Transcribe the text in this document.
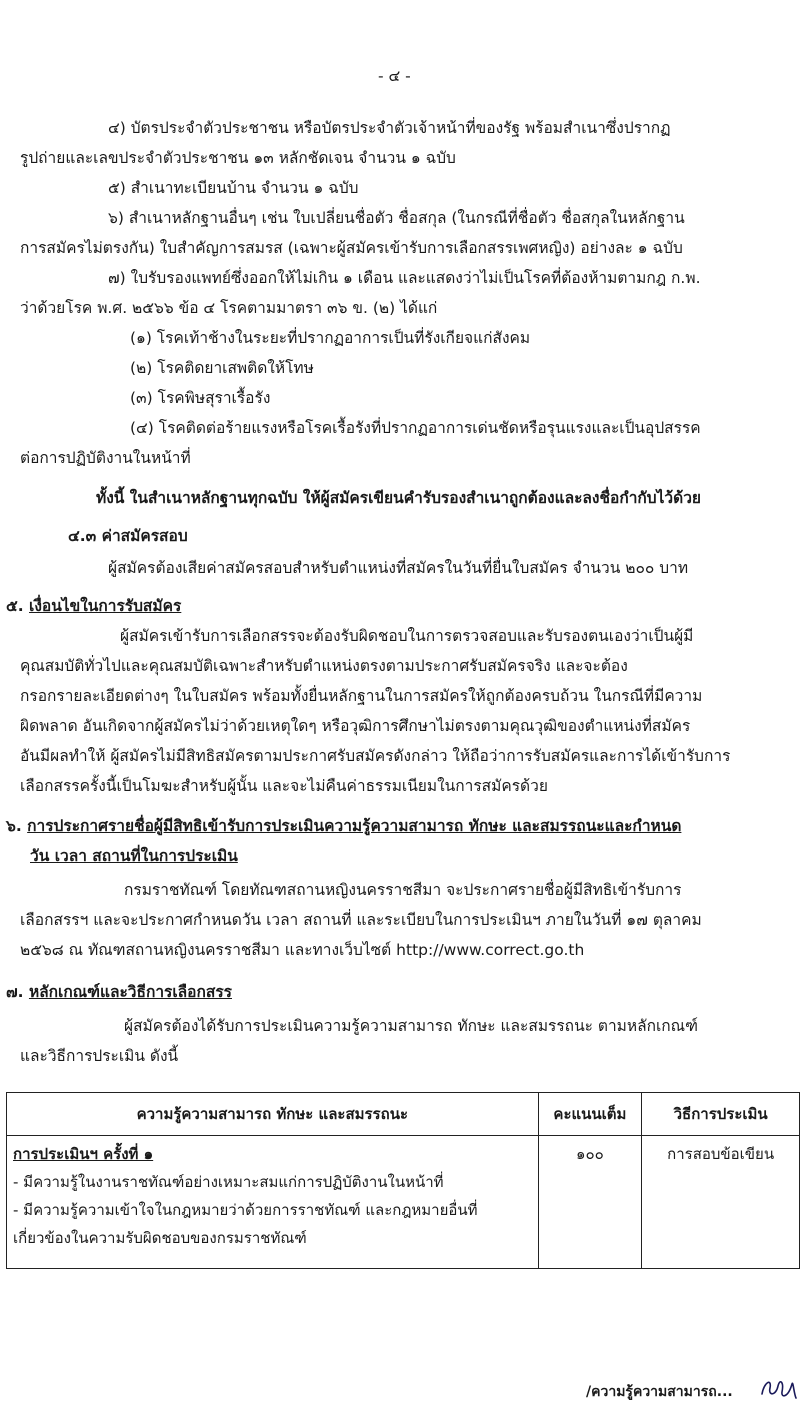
- ๔ -
๔) บัตรประจำตัวประชาชน หรือบัตรประจำตัวเจ้าหน้าที่ของรัฐ พร้อมสำเนาซึ่งปรากฏ
รูปถ่ายและเลขประจำตัวประชาชน ๑๓ หลักชัดเจน จำนวน ๑ ฉบับ
๕) สำเนาทะเบียนบ้าน จำนวน ๑ ฉบับ
๖) สำเนาหลักฐานอื่นๆ เช่น ใบเปลี่ยนชื่อตัว ชื่อสกุล (ในกรณีที่ชื่อตัว ชื่อสกุลในหลักฐาน
การสมัครไม่ตรงกัน) ใบสำคัญการสมรส (เฉพาะผู้สมัครเข้ารับการเลือกสรรเพศหญิง) อย่างละ ๑ ฉบับ
๗) ใบรับรองแพทย์ซึ่งออกให้ไม่เกิน ๑ เดือน และแสดงว่าไม่เป็นโรคที่ต้องห้ามตามกฎ ก.พ.
ว่าด้วยโรค พ.ศ. ๒๕๖๖ ข้อ ๔ โรคตามมาตรา ๓๖ ข. (๒) ได้แก่
(๑) โรคเท้าช้างในระยะที่ปรากฏอาการเป็นที่รังเกียจแก่สังคม
(๒) โรคติดยาเสพติดให้โทษ
(๓) โรคพิษสุราเรื้อรัง
(๔) โรคติดต่อร้ายแรงหรือโรคเรื้อรังที่ปรากฏอาการเด่นชัดหรือรุนแรงและเป็นอุปสรรค
ต่อการปฏิบัติงานในหน้าที่
ทั้งนี้ ในสำเนาหลักฐานทุกฉบับ ให้ผู้สมัครเขียนคำรับรองสำเนาถูกต้องและลงชื่อกำกับไว้ด้วย
๔.๓ ค่าสมัครสอบ
ผู้สมัครต้องเสียค่าสมัครสอบสำหรับตำแหน่งที่สมัครในวันที่ยื่นใบสมัคร จำนวน ๒๐๐ บาท
๕. เงื่อนไขในการรับสมัคร
ผู้สมัครเข้ารับการเลือกสรรจะต้องรับผิดชอบในการตรวจสอบและรับรองตนเองว่าเป็นผู้มี
คุณสมบัติทั่วไปและคุณสมบัติเฉพาะสำหรับตำแหน่งตรงตามประกาศรับสมัครจริง และจะต้อง
กรอกรายละเอียดต่างๆ ในใบสมัคร พร้อมทั้งยื่นหลักฐานในการสมัครให้ถูกต้องครบถ้วน ในกรณีที่มีความ
ผิดพลาด อันเกิดจากผู้สมัครไม่ว่าด้วยเหตุใดๆ หรือวุฒิการศึกษาไม่ตรงตามคุณวุฒิของตำแหน่งที่สมัคร
อันมีผลทำให้ ผู้สมัครไม่มีสิทธิสมัครตามประกาศรับสมัครดังกล่าว ให้ถือว่าการรับสมัครและการได้เข้ารับการ
เลือกสรรครั้งนี้เป็นโมฆะสำหรับผู้นั้น และจะไม่คืนค่าธรรมเนียมในการสมัครด้วย
๖. การประกาศรายชื่อผู้มีสิทธิเข้ารับการประเมินความรู้ความสามารถ ทักษะ และสมรรถนะและกำหนด
วัน เวลา สถานที่ในการประเมิน
กรมราชทัณฑ์ โดยทัณฑสถานหญิงนครราชสีมา จะประกาศรายชื่อผู้มีสิทธิเข้ารับการ
เลือกสรรฯ และจะประกาศกำหนดวัน เวลา สถานที่ และระเบียบในการประเมินฯ ภายในวันที่ ๑๗ ตุลาคม
๒๕๖๘ ณ ทัณฑสถานหญิงนครราชสีมา และทางเว็บไซต์ http://www.correct.go.th
๗. หลักเกณฑ์และวิธีการเลือกสรร
ผู้สมัครต้องได้รับการประเมินความรู้ความสามารถ ทักษะ และสมรรถนะ ตามหลักเกณฑ์
และวิธีการประเมิน ดังนี้
ความรู้ความสามารถ ทักษะ และสมรรถนะ	คะแนนเต็ม	วิธีการประเมิน

การประเมินฯ ครั้งที่ ๑
- มีความรู้ในงานราชทัณฑ์อย่างเหมาะสมแก่การปฏิบัติงานในหน้าที่
- มีความรู้ความเข้าใจในกฎหมายว่าด้วยการราชทัณฑ์ และกฎหมายอื่นที่
เกี่ยวข้องในความรับผิดชอบของกรมราชทัณฑ์	๑๐๐	การสอบข้อเขียน
/ความรู้ความสามารถ...
